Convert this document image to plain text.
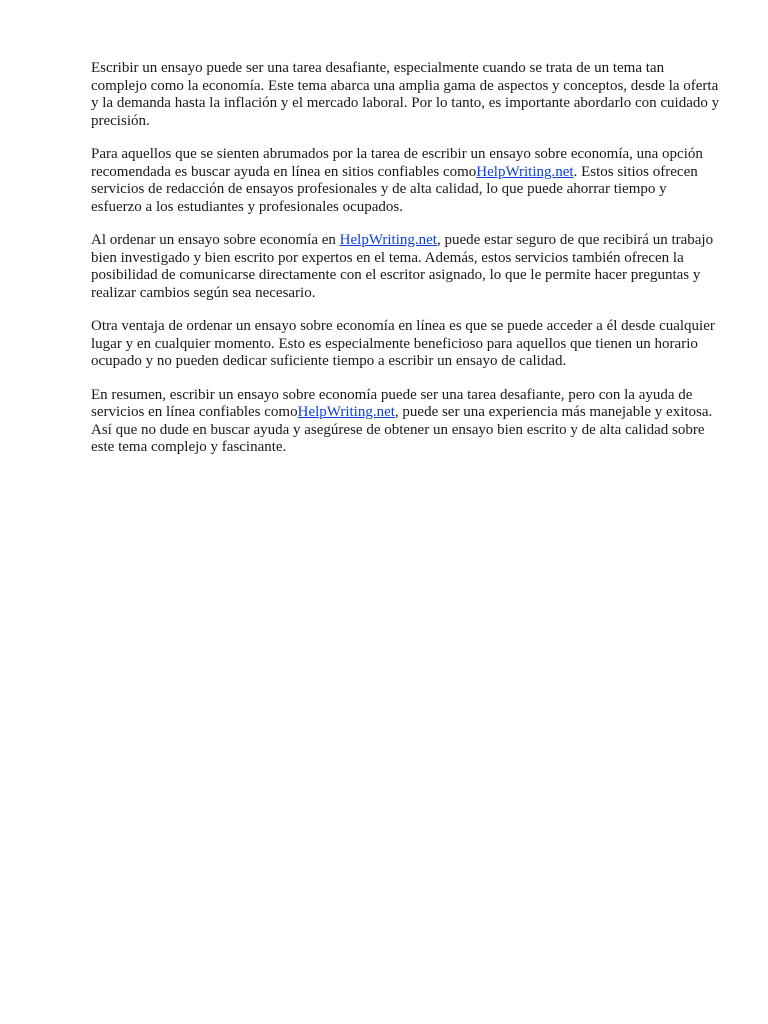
Escribir un ensayo puede ser una tarea desafiante, especialmente cuando se trata de un tema tan complejo como la economía. Este tema abarca una amplia gama de aspectos y conceptos, desde la oferta y la demanda hasta la inflación y el mercado laboral. Por lo tanto, es importante abordarlo con cuidado y precisión.

Para aquellos que se sienten abrumados por la tarea de escribir un ensayo sobre economía, una opción recomendada es buscar ayuda en línea en sitios confiables comoHelpWriting.net. Estos sitios ofrecen servicios de redacción de ensayos profesionales y de alta calidad, lo que puede ahorrar tiempo y esfuerzo a los estudiantes y profesionales ocupados.

Al ordenar un ensayo sobre economía en HelpWriting.net, puede estar seguro de que recibirá un trabajo bien investigado y bien escrito por expertos en el tema. Además, estos servicios también ofrecen la posibilidad de comunicarse directamente con el escritor asignado, lo que le permite hacer preguntas y realizar cambios según sea necesario.

Otra ventaja de ordenar un ensayo sobre economía en línea es que se puede acceder a él desde cualquier lugar y en cualquier momento. Esto es especialmente beneficioso para aquellos que tienen un horario ocupado y no pueden dedicar suficiente tiempo a escribir un ensayo de calidad.

En resumen, escribir un ensayo sobre economía puede ser una tarea desafiante, pero con la ayuda de servicios en línea confiables comoHelpWriting.net, puede ser una experiencia más manejable y exitosa. Así que no dude en buscar ayuda y asegúrese de obtener un ensayo bien escrito y de alta calidad sobre este tema complejo y fascinante.
